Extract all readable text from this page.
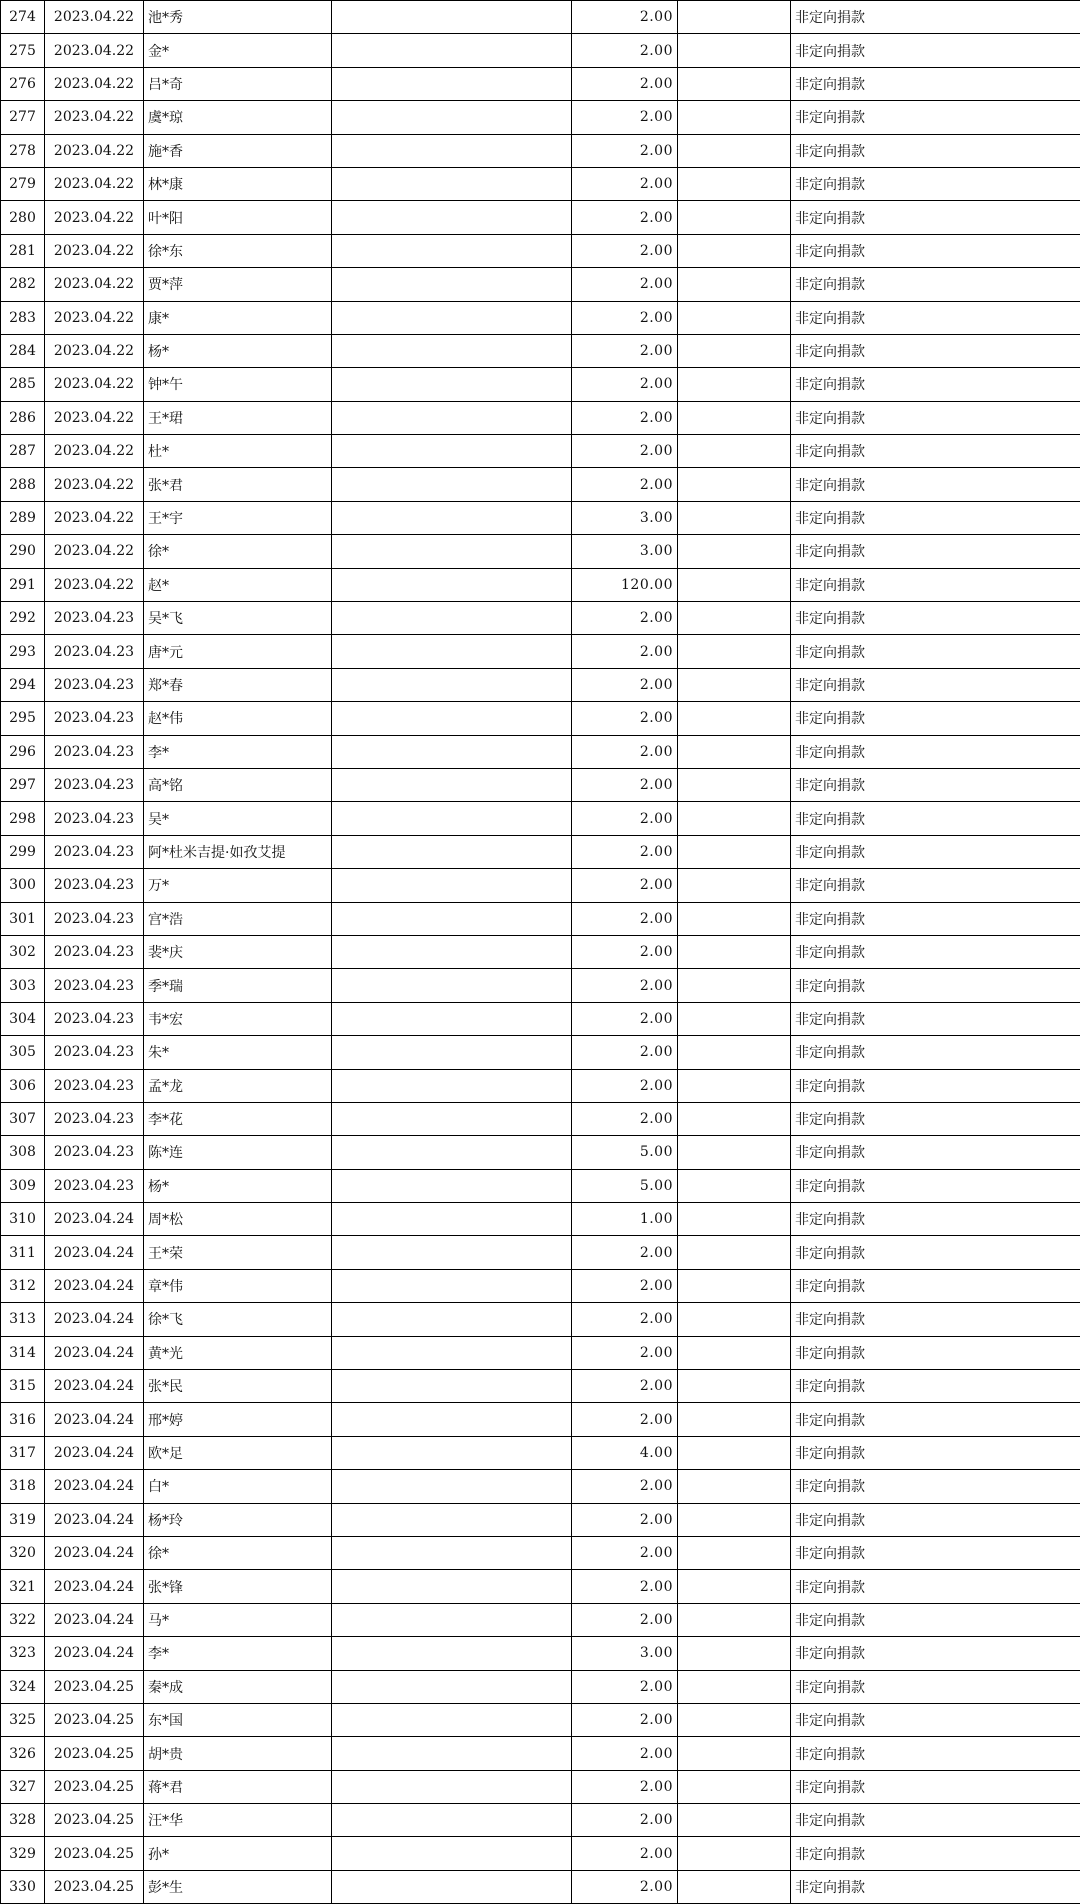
274	2023.04.22	池*秀		2.00		非定向捐款
275	2023.04.22	金*		2.00		非定向捐款
276	2023.04.22	吕*奇		2.00		非定向捐款
277	2023.04.22	虞*琼		2.00		非定向捐款
278	2023.04.22	施*香		2.00		非定向捐款
279	2023.04.22	林*康		2.00		非定向捐款
280	2023.04.22	叶*阳		2.00		非定向捐款
281	2023.04.22	徐*东		2.00		非定向捐款
282	2023.04.22	贾*萍		2.00		非定向捐款
283	2023.04.22	康*		2.00		非定向捐款
284	2023.04.22	杨*		2.00		非定向捐款
285	2023.04.22	钟*午		2.00		非定向捐款
286	2023.04.22	王*珺		2.00		非定向捐款
287	2023.04.22	杜*		2.00		非定向捐款
288	2023.04.22	张*君		2.00		非定向捐款
289	2023.04.22	王*宇		3.00		非定向捐款
290	2023.04.22	徐*		3.00		非定向捐款
291	2023.04.22	赵*		120.00		非定向捐款
292	2023.04.23	吴*飞		2.00		非定向捐款
293	2023.04.23	唐*元		2.00		非定向捐款
294	2023.04.23	郑*春		2.00		非定向捐款
295	2023.04.23	赵*伟		2.00		非定向捐款
296	2023.04.23	李*		2.00		非定向捐款
297	2023.04.23	高*铭		2.00		非定向捐款
298	2023.04.23	吴*		2.00		非定向捐款
299	2023.04.23	阿*杜米吉提·如孜艾提		2.00		非定向捐款
300	2023.04.23	万*		2.00		非定向捐款
301	2023.04.23	宫*浩		2.00		非定向捐款
302	2023.04.23	裴*庆		2.00		非定向捐款
303	2023.04.23	季*瑞		2.00		非定向捐款
304	2023.04.23	韦*宏		2.00		非定向捐款
305	2023.04.23	朱*		2.00		非定向捐款
306	2023.04.23	孟*龙		2.00		非定向捐款
307	2023.04.23	李*花		2.00		非定向捐款
308	2023.04.23	陈*连		5.00		非定向捐款
309	2023.04.23	杨*		5.00		非定向捐款
310	2023.04.24	周*松		1.00		非定向捐款
311	2023.04.24	王*荣		2.00		非定向捐款
312	2023.04.24	章*伟		2.00		非定向捐款
313	2023.04.24	徐*飞		2.00		非定向捐款
314	2023.04.24	黄*光		2.00		非定向捐款
315	2023.04.24	张*民		2.00		非定向捐款
316	2023.04.24	邢*婷		2.00		非定向捐款
317	2023.04.24	欧*足		4.00		非定向捐款
318	2023.04.24	白*		2.00		非定向捐款
319	2023.04.24	杨*玲		2.00		非定向捐款
320	2023.04.24	徐*		2.00		非定向捐款
321	2023.04.24	张*锋		2.00		非定向捐款
322	2023.04.24	马*		2.00		非定向捐款
323	2023.04.24	李*		3.00		非定向捐款
324	2023.04.25	秦*成		2.00		非定向捐款
325	2023.04.25	东*国		2.00		非定向捐款
326	2023.04.25	胡*贵		2.00		非定向捐款
327	2023.04.25	蒋*君		2.00		非定向捐款
328	2023.04.25	汪*华		2.00		非定向捐款
329	2023.04.25	孙*		2.00		非定向捐款
330	2023.04.25	彭*生		2.00		非定向捐款
